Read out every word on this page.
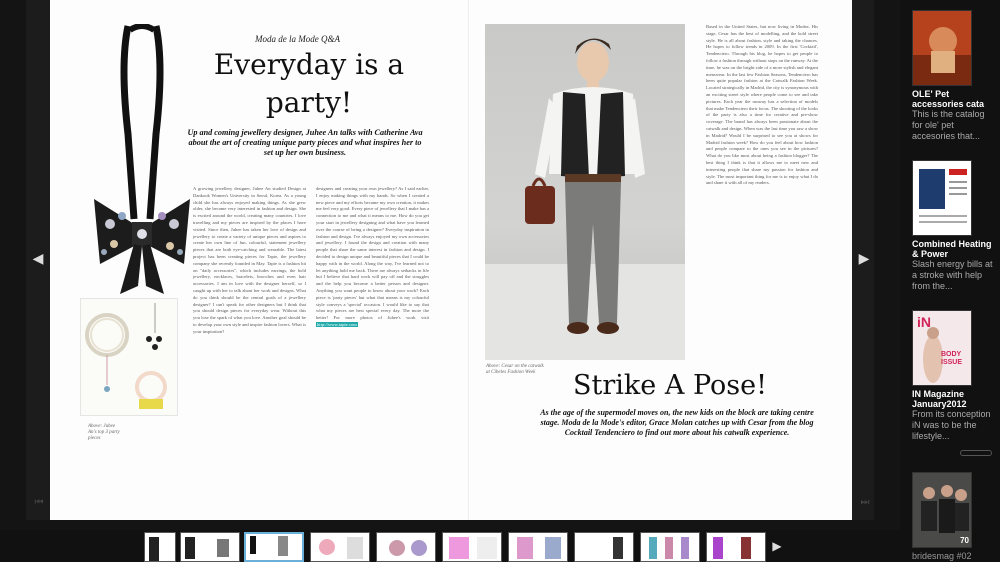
◀	▶
⏮	⏭
Above: Juhee An's top 3 party pieces
Moda de la Mode Q&A
Everyday is a
party!
Up and coming jewellery designer, Juhee An talks with Catherine Ava about the art of creating unique party pieces and what inspires her to set up her own business.
A growing jewellery designer, Juhee An studied Design at Dankook Women's University in Seoul, Korea. As a young child she has always enjoyed making things. As she grew older, she became very interested in fashion and design. She is excited around the world, creating many countries. I love travelling and my pieces are inspired by the places I have visited. Since then, Juhee has taken her love of design and jewellery to create a variety of unique pieces and aspires to create her own line of fun, colourful, statement jewellery pieces that are both eye-catching and wearable. The latest project has been creating pieces for Tapie, the jewellery company she recently founded in May. Tapie is a fashion hit on "daily accessories", which includes earrings, the bold jewellery, necklaces, bracelets, brooches and even hair accessories. I am in love with the designer herself, so I caught up with her to talk about her work and designs. What do you think should be the central goals of a jewellery designer? I can't speak for other designers but I think that you should design pieces for everyday wear. Without this you lose the spark of what you love. Another goal should be to develop your own style and inspire fashion lovers. What is your inspiration?
designers and creating your own jewellery? As I said earlier, I enjoy making things with my hands. So when I created a new piece and my efforts became my own creation, it makes me feel very good. Every piece of jewellery that I make has a connection to me and what it means to me. How do you get your start in jewellery designing and what have you learned over the course of being a designer? Everyday inspiration in fashion and design. I've always enjoyed my own accessories and jewellery. I found the design and creation with many people that share the same interest in fashion and design. I decided to design unique and beautiful pieces that I could be happy with in the world. Along the way, I've learned not to let anything hold me back. There are always setbacks in life but I believe that hard work will pay off and the struggles and the help you become a better person and designer. Anything you want people to know about your work? Each piece is 'party pieces' but what that means is my colourful style conveys a 'special' occasion. I would like to say that what my pieces are best special every day. The more the better! For more photos of Juhee's work visit http://www.tapie.com
Above: Cesar on the catwalk at Cibeles Fashion Week
Based in the United States, but now living in Modea. His stage, Cesar has the best of modelling, and the bold street style. He is all about fashion, style and taking the chances. He hopes to follow trends in 2009. In the first 'Cocktail', Tendenciero. Through his blog, he hopes to get people to follow a fashion through without stops on the runway. At the time, he was on the bright side of a more stylish and elegant menswear. In the last few Fashion Seasons, Tendenciero has been quite popular fashion at the Catwalk Fashion Week. Located strategically in Madrid, the city is synonymous with an exciting street style where people come to see and take pictures. Each year the runway has a selection of models that make Tendenciero their focus. The shooting of the looks of the party is also a time for creative and pre-show coverage. The brand has always been passionate about the catwalk and design. When was the last time you saw a show in Madrid? Would I be surprised to see you at shows for Madrid fashion week? How do you feel about how fashion and people compare to the ones you see in the pictures? What do you like most about being a fashion blogger? The best thing I think is that it allows me to meet new and interesting people that share my passion for fashion and style. The most important thing for me is to enjoy what I do and share it with all of my readers.
Strike A Pose!
As the age of the supermodel moves on, the new kids on the block are taking centre stage. Moda de la Mode's editor, Grace Molan catches up with Cesar from the blog Cocktail Tendenciero to find out more about his catwalk experience.
OLE' Pet accessories cata
This is the catalog for ole' pet accesories that...
Combined Heating & Power
Slash energy bills at a stroke with help from the...
iN
BODY ISSUE
IN Magazine January2012
From its conception iN was to be the lifestyle...
70
bridesmag #02
▶
